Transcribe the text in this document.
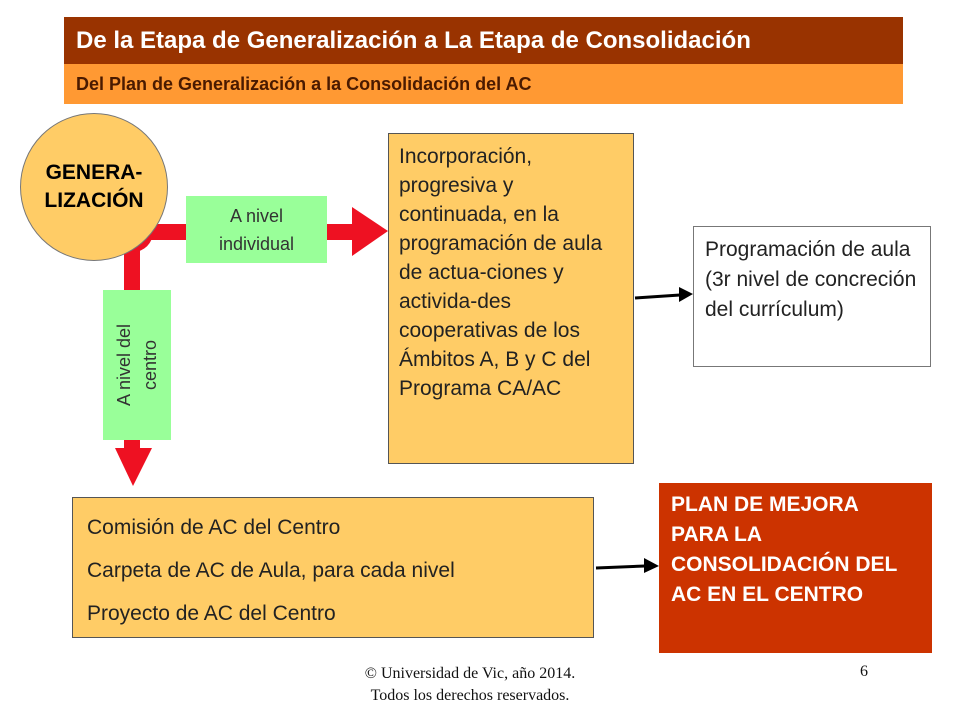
De la Etapa de Generalización a La Etapa de Consolidación
Del Plan de Generalización a la Consolidación del AC
GENERA-LIZACIÓN
A nivel individual
A nivel del centro
Incorporación, progresiva y continuada, en la programación de aula de actua-ciones y activida-des cooperativas de los Ámbitos A, B y C del Programa CA/AC
Programación de aula (3r nivel de concreción del currículum)
Comisión de AC del Centro
Carpeta de AC de Aula, para cada nivel
Proyecto de AC del Centro
PLAN DE MEJORA PARA LA CONSOLIDACIÓN DEL AC EN EL CENTRO
© Universidad de Vic, año 2014.
Todos los derechos reservados.
6
